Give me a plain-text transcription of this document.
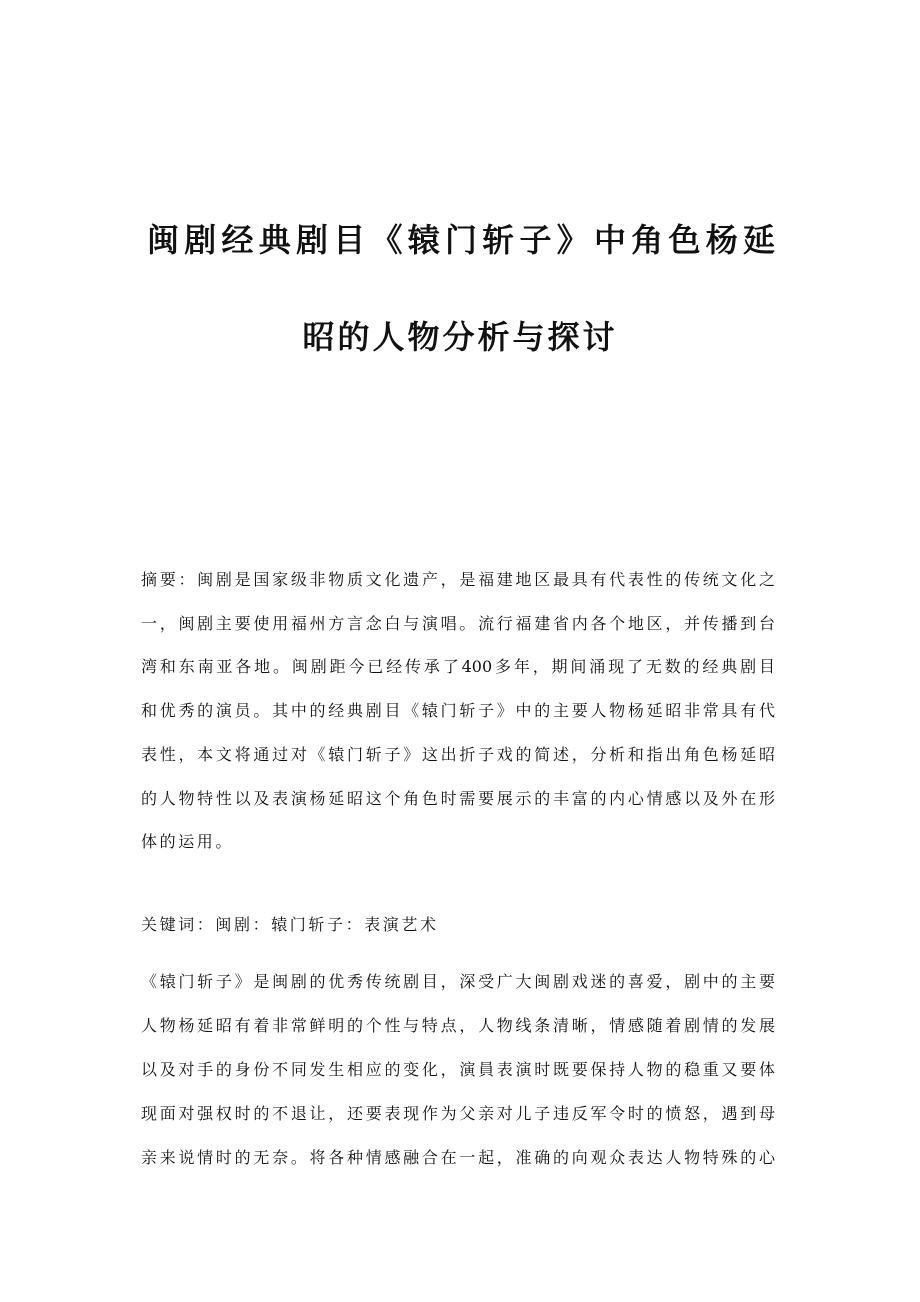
闽剧经典剧目《辕门斩子》中角色杨延
昭的人物分析与探讨
摘要：闽剧是国家级非物质文化遗产，是福建地区最具有代表性的传统文化之
一，闽剧主要使用福州方言念白与演唱。流行福建省内各个地区，并传播到台
湾和东南亚各地。闽剧距今已经传承了400多年，期间涌现了无数的经典剧目
和优秀的演员。其中的经典剧目《辕门斩子》中的主要人物杨延昭非常具有代
表性，本文将通过对《辕门斩子》这出折子戏的简述，分析和指出角色杨延昭
的人物特性以及表演杨延昭这个角色时需要展示的丰富的内心情感以及外在形
体的运用。
关键词：闽剧：辕门斩子：表演艺术
《辕门斩子》是闽剧的优秀传统剧目，深受广大闽剧戏迷的喜爱，剧中的主要
人物杨延昭有着非常鲜明的个性与特点，人物线条清晰，情感随着剧情的发展
以及对手的身份不同发生相应的变化，演員表演时既要保持人物的稳重又要体
现面对强权时的不退让，还要表现作为父亲对儿子违反军令时的愤怒，遇到母
亲来说情时的无奈。将各种情感融合在一起，准确的向观众表达人物特殊的心
